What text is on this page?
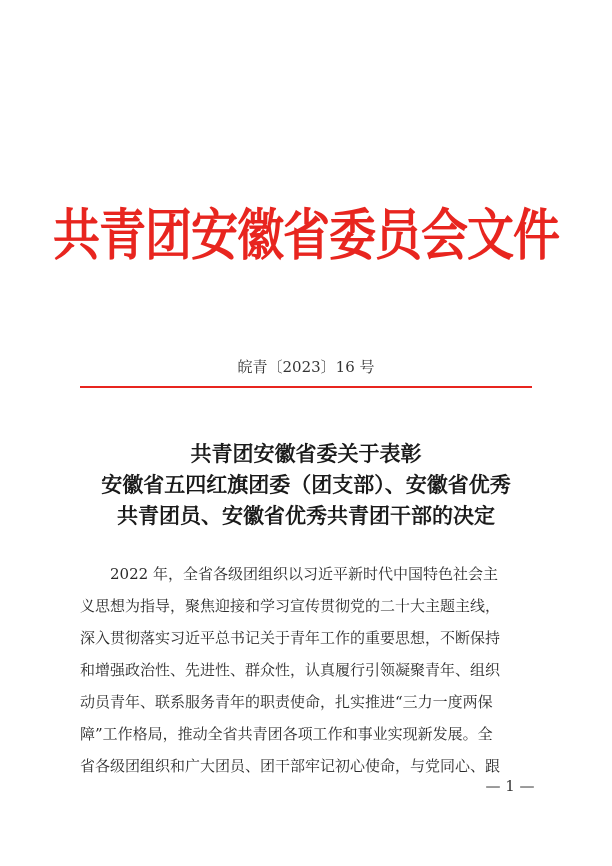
共青团安徽省委员会文件
皖青〔2023〕16 号
共青团安徽省委关于表彰
安徽省五四红旗团委（团支部）、安徽省优秀
共青团员、安徽省优秀共青团干部的决定
2022 年，全省各级团组织以习近平新时代中国特色社会主
义思想为指导，聚焦迎接和学习宣传贯彻党的二十大主题主线，
深入贯彻落实习近平总书记关于青年工作的重要思想，不断保持
和增强政治性、先进性、群众性，认真履行引领凝聚青年、组织
动员青年、联系服务青年的职责使命，扎实推进“三力一度两保
障”工作格局，推动全省共青团各项工作和事业实现新发展。全
省各级团组织和广大团员、团干部牢记初心使命，与党同心、跟
— 1 —
